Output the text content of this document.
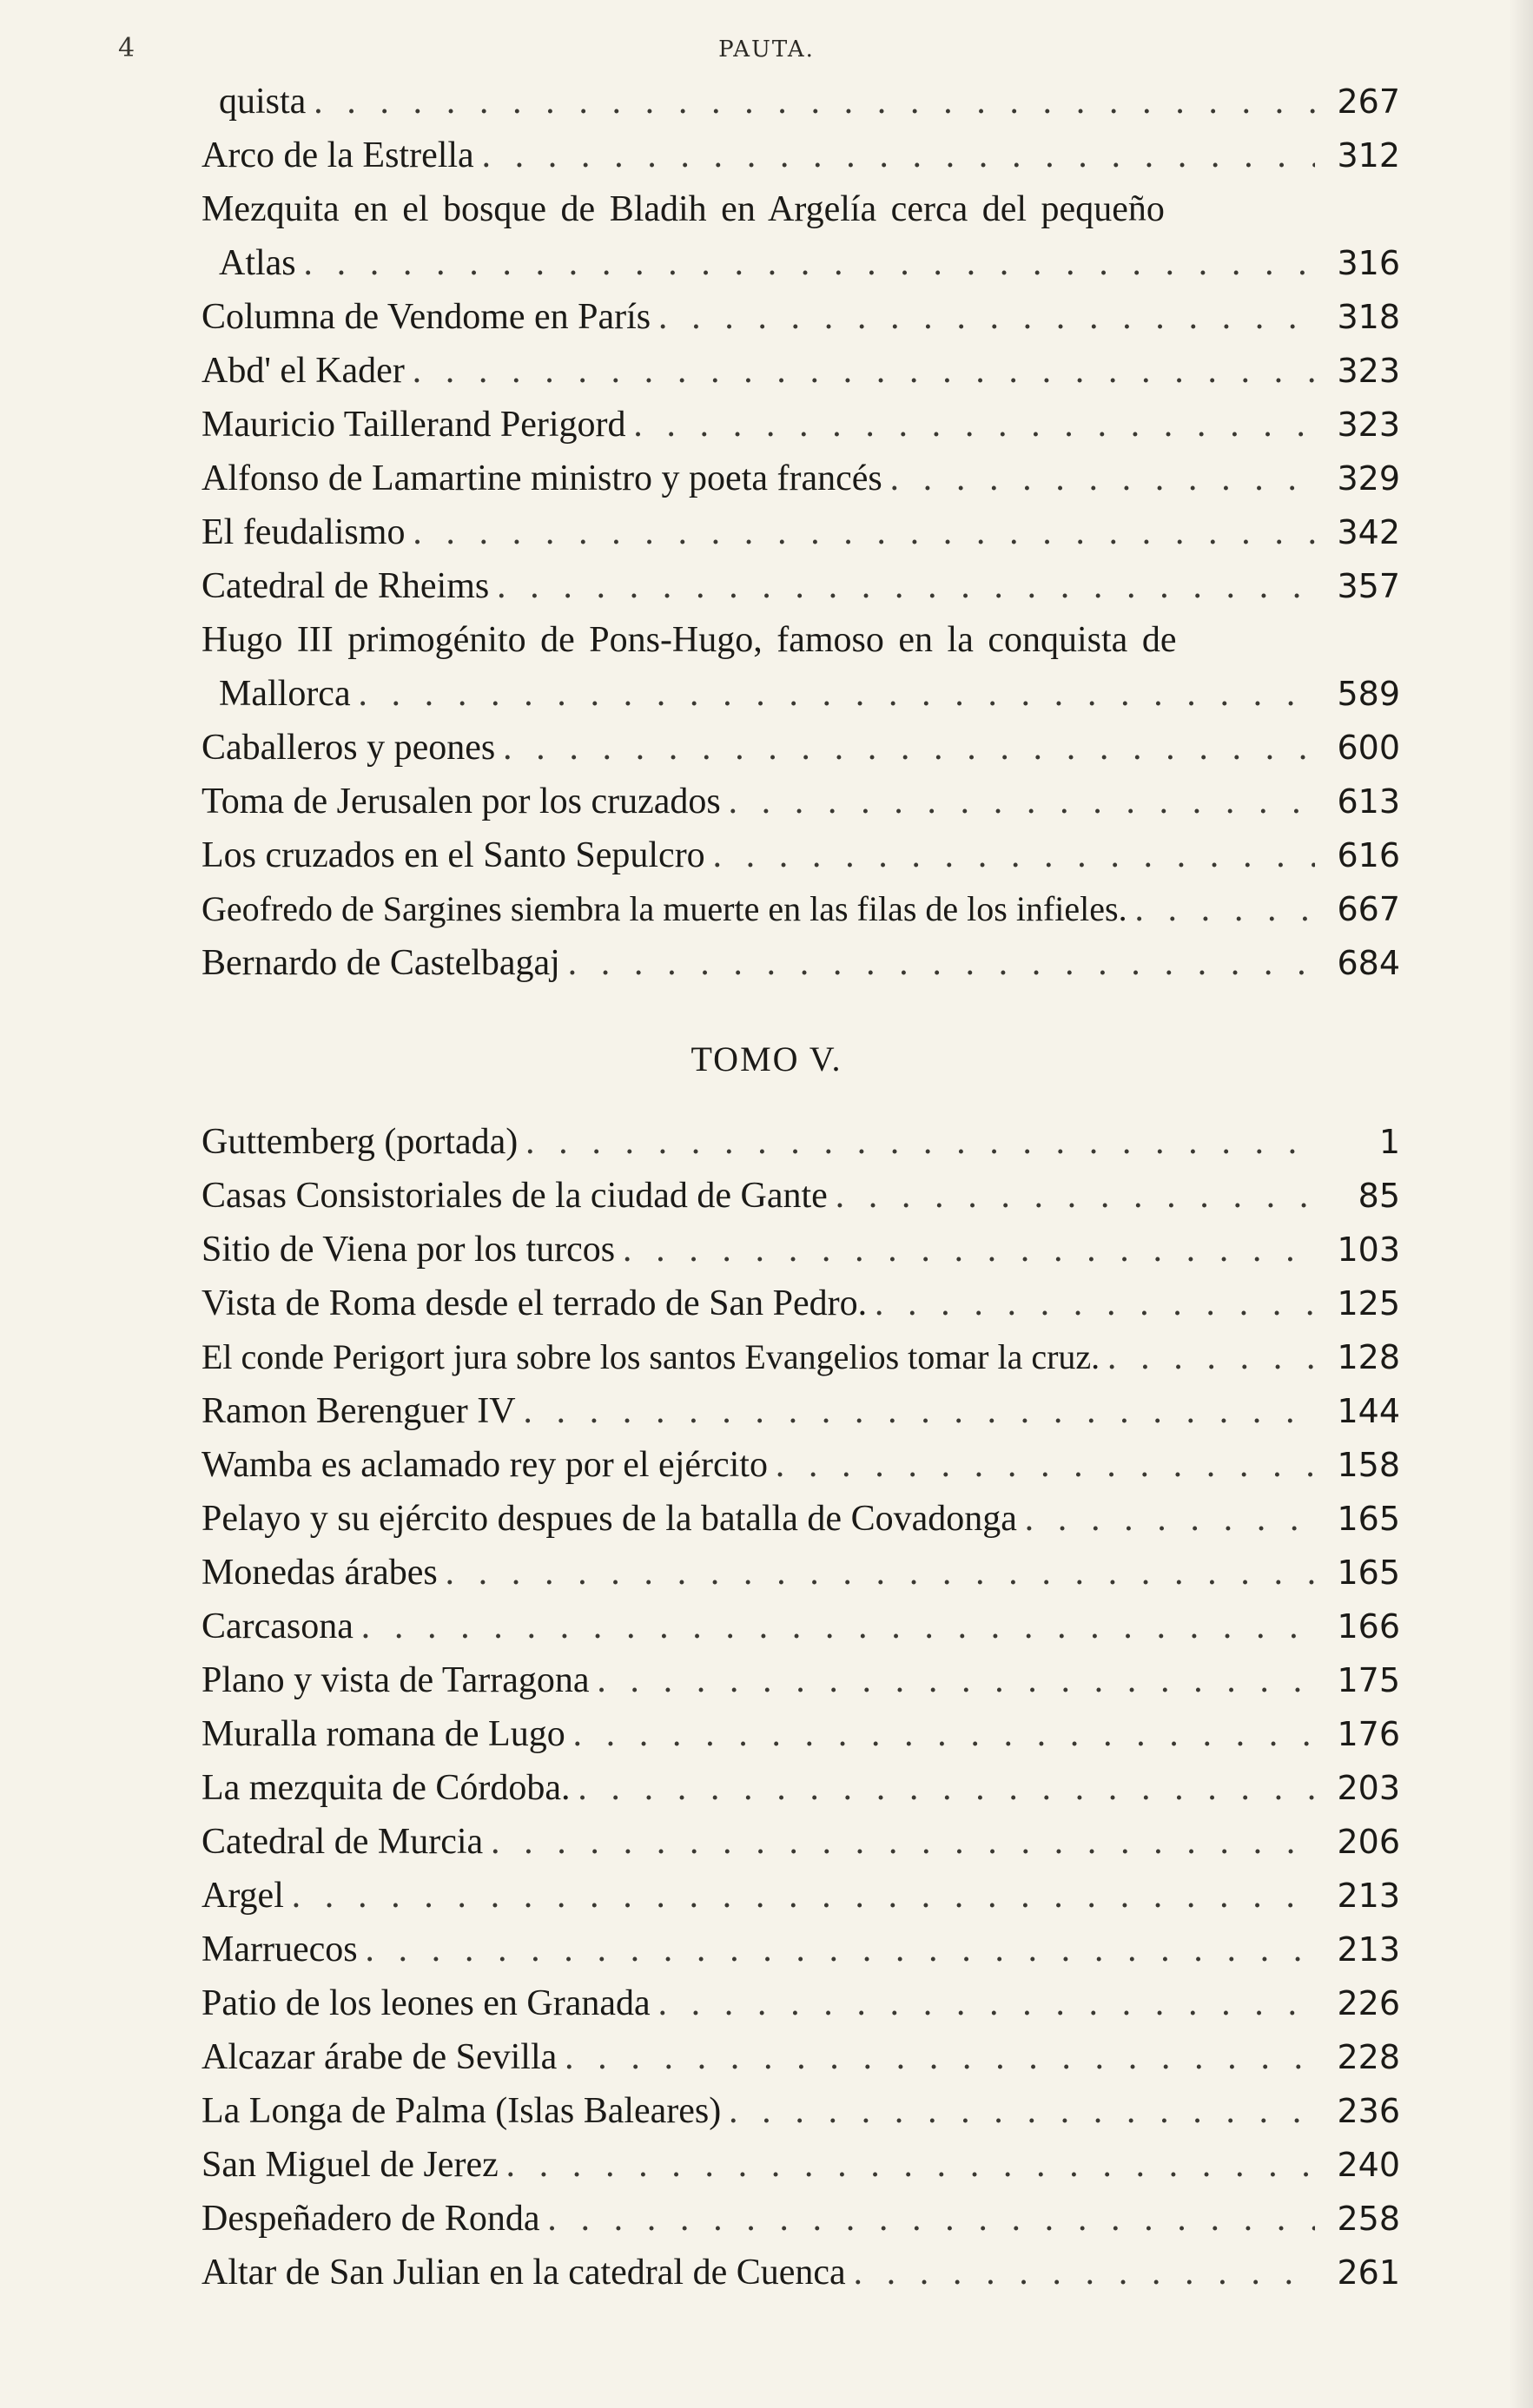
4	PAUTA.
quista . . .	267
Arco de la Estrella . . .	312
Mezquita en el bosque de Bladih en Argelía cerca del pequeño
Atlas . . .	316
Columna de Vendome en París . . .	318
Abd' el Kader . . .	323
Mauricio Taillerand Perigord . . .	323
Alfonso de Lamartine ministro y poeta francés . . .	329
El feudalismo . . .	342
Catedral de Rheims . . .	357
Hugo III primogénito de Pons-Hugo, famoso en la conquista de
Mallorca . . .	589
Caballeros y peones . . .	600
Toma de Jerusalen por los cruzados . . .	613
Los cruzados en el Santo Sepulcro . . .	616
Geofredo de Sargines siembra la muerte en las filas de los infieles. . . .	667
Bernardo de Castelbagaj . . .	684
TOMO V.
Guttemberg (portada) . . .	1
Casas Consistoriales de la ciudad de Gante . . .	85
Sitio de Viena por los turcos . . .	103
Vista de Roma desde el terrado de San Pedro. . . .	125
El conde Perigort jura sobre los santos Evangelios tomar la cruz. . . .	128
Ramon Berenguer IV . . .	144
Wamba es aclamado rey por el ejército . . .	158
Pelayo y su ejército despues de la batalla de Covadonga . . .	165
Monedas árabes . . .	165
Carcasona . . .	166
Plano y vista de Tarragona . . .	175
Muralla romana de Lugo . . .	176
La mezquita de Córdoba. . . .	203
Catedral de Murcia . . .	206
Argel . . .	213
Marruecos . . .	213
Patio de los leones en Granada . . .	226
Alcazar árabe de Sevilla . . .	228
La Longa de Palma (Islas Baleares) . . .	236
San Miguel de Jerez . . .	240
Despeñadero de Ronda . . .	258
Altar de San Julian en la catedral de Cuenca . . .	261
